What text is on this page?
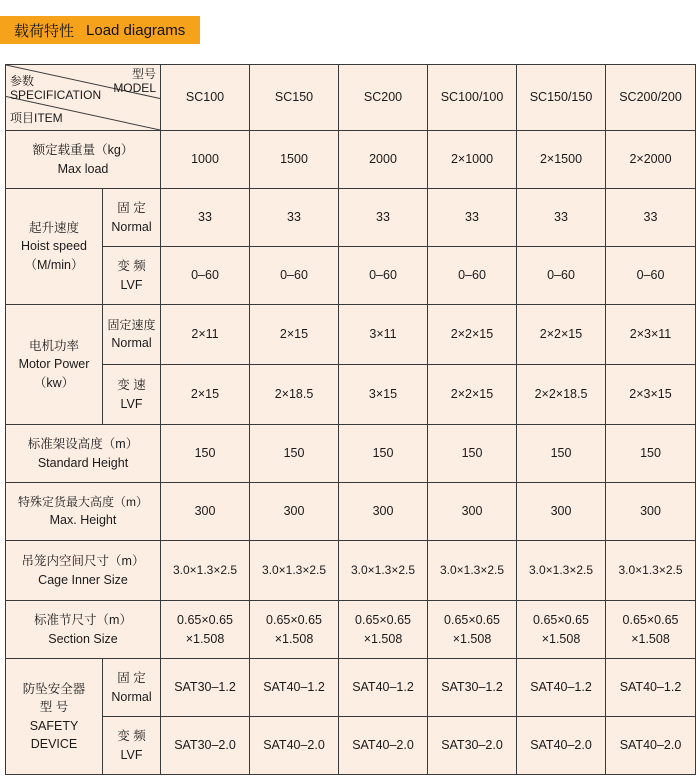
载荷特性 Load diagrams
型号
MODEL
参数
SPECIFICATION
项目ITEM		SC100	SC150	SC200	SC100/100	SC150/150	SC200/200

额定载重量（kg）
Max load		1000	1500	2000	2×1000	2×1500	2×2000

起升速度
Hoist speed
（M/min）	固 定
Normal	33	33	33	33	33	33

	变 频
LVF	0–60	0–60	0–60	0–60	0–60	0–60

电机功率
Motor Power
（kw）	固定速度
Normal	2×11	2×15	3×11	2×2×15	2×2×15	2×3×11

	变 速
LVF	2×15	2×18.5	3×15	2×2×15	2×2×18.5	2×3×15

标准架设高度（m）
Standard Height		150	150	150	150	150	150

特殊定货最大高度（m）
Max. Height		300	300	300	300	300	300

吊笼内空间尺寸（m）
Cage Inner Size		3.0×1.3×2.5	3.0×1.3×2.5	3.0×1.3×2.5	3.0×1.3×2.5	3.0×1.3×2.5	3.0×1.3×2.5

标准节尺寸（m）
Section Size		0.65×0.65
×1.508	0.65×0.65
×1.508	0.65×0.65
×1.508	0.65×0.65
×1.508	0.65×0.65
×1.508	0.65×0.65
×1.508

防坠安全器
型 号
SAFETY
DEVICE	固 定
Normal	SAT30–1.2	SAT40–1.2	SAT40–1.2	SAT30–1.2	SAT40–1.2	SAT40–1.2

	变 频
LVF	SAT30–2.0	SAT40–2.0	SAT40–2.0	SAT30–2.0	SAT40–2.0	SAT40–2.0
